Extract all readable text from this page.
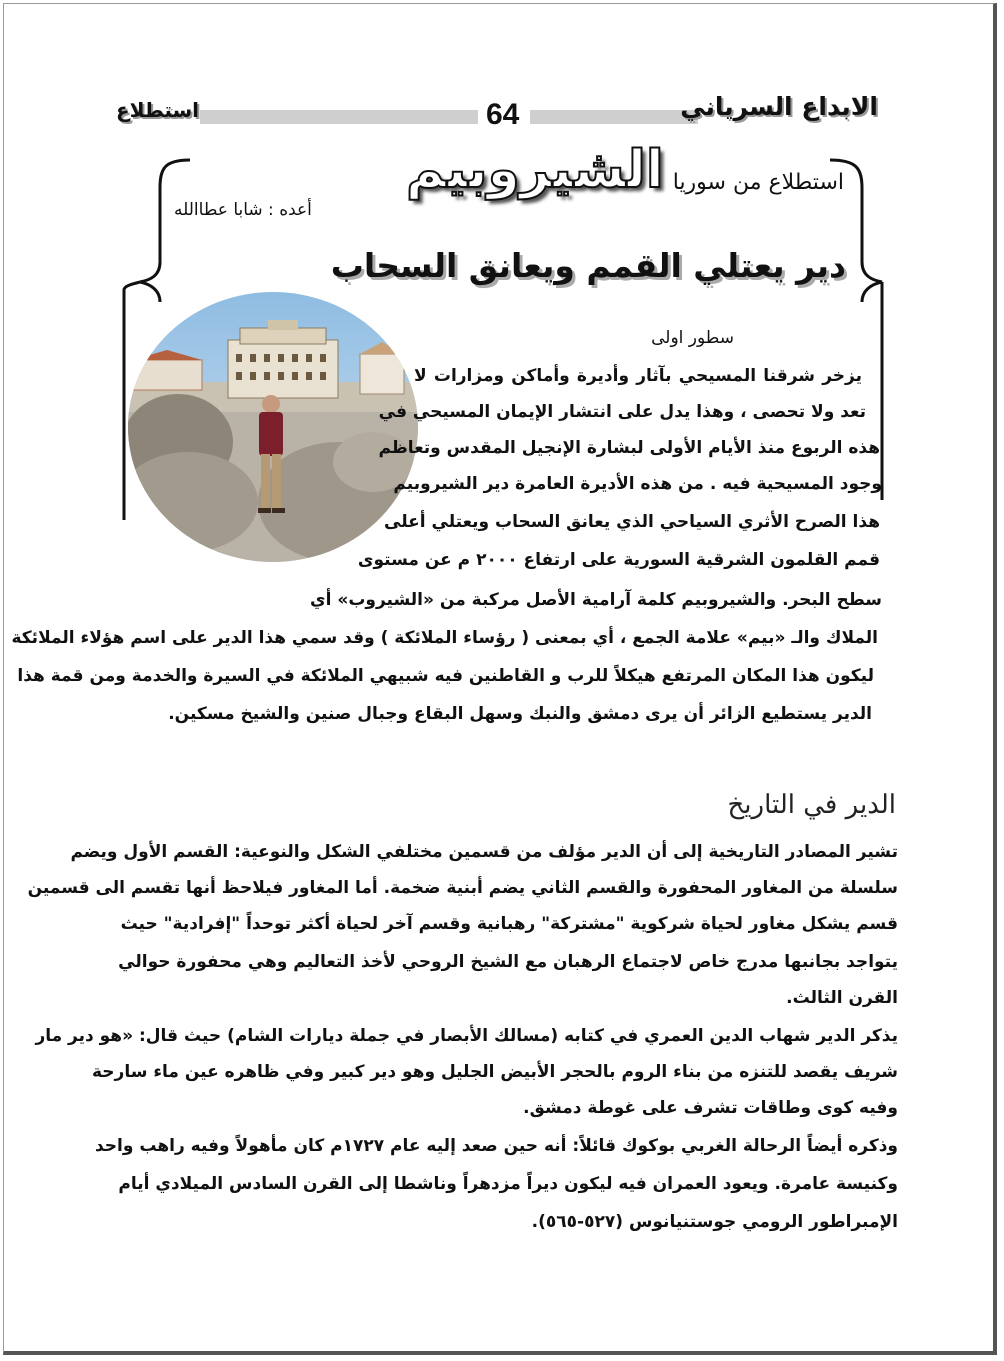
الابداع السرياني
64
استطلاع
استطلاع من سوريا
الشيروبيم
أعده : شابا عطاالله
دير يعتلي القمم ويعانق السحاب
سطور اولى
يزخر شرقنا المسيحي بآثار وأديرة وأماكن ومزارات لا
تعد ولا تحصى ، وهذا يدل على انتشار الإيمان المسيحي في
هذه الربوع منذ الأيام الأولى لبشارة الإنجيل المقدس وتعاظم
وجود المسيحية فيه . من هذه الأديرة العامرة دير الشيروبيم
هذا الصرح الأثري السياحي الذي يعانق السحاب ويعتلي أعلى
قمم القلمون الشرقية السورية على ارتفاع ٢٠٠٠ م عن مستوى
سطح البحر. والشيروبيم كلمة آرامية الأصل مركبة من «الشيروب» أي
الملاك والـ «بيم» علامة الجمع ، أي بمعنى ( رؤساء الملائكة ) وقد سمي هذا الدير على اسم هؤلاء الملائكة
ليكون هذا المكان المرتفع هيكلاً للرب و القاطنين فيه شبيهي الملائكة في السيرة والخدمة ومن قمة هذا
الدير يستطيع الزائر أن يرى دمشق والنبك وسهل البقاع وجبال صنين والشيخ مسكين.
الدير في التاريخ
تشير المصادر التاريخية إلى أن الدير مؤلف من قسمين مختلفي الشكل والنوعية: القسم الأول ويضم
سلسلة من المغاور المحفورة والقسم الثاني يضم أبنية ضخمة. أما المغاور فيلاحظ أنها تقسم الى قسمين
قسم يشكل مغاور لحياة شركوية "مشتركة" رهبانية وقسم آخر لحياة أكثر توحداً "إفرادية" حيث
يتواجد بجانبها مدرج خاص لاجتماع الرهبان مع الشيخ الروحي لأخذ التعاليم وهي محفورة حوالي
القرن الثالث.
يذكر الدير شهاب الدين العمري في كتابه (مسالك الأبصار في جملة ديارات الشام) حيث قال: «هو دير مار
شريف يقصد للتنزه من بناء الروم بالحجر الأبيض الجليل وهو دير كبير وفي ظاهره عين ماء سارحة
وفيه كوى وطاقات تشرف على غوطة دمشق.
وذكره أيضاً الرحالة الغربي بوكوك قائلاً: أنه حين صعد إليه عام ١٧٢٧م كان مأهولاً وفيه راهب واحد
وكنيسة عامرة. ويعود العمران فيه ليكون ديراً مزدهراً وناشطا إلى القرن السادس الميلادي أيام
الإمبراطور الرومي جوستنيانوس (٥٢٧-٥٦٥).
